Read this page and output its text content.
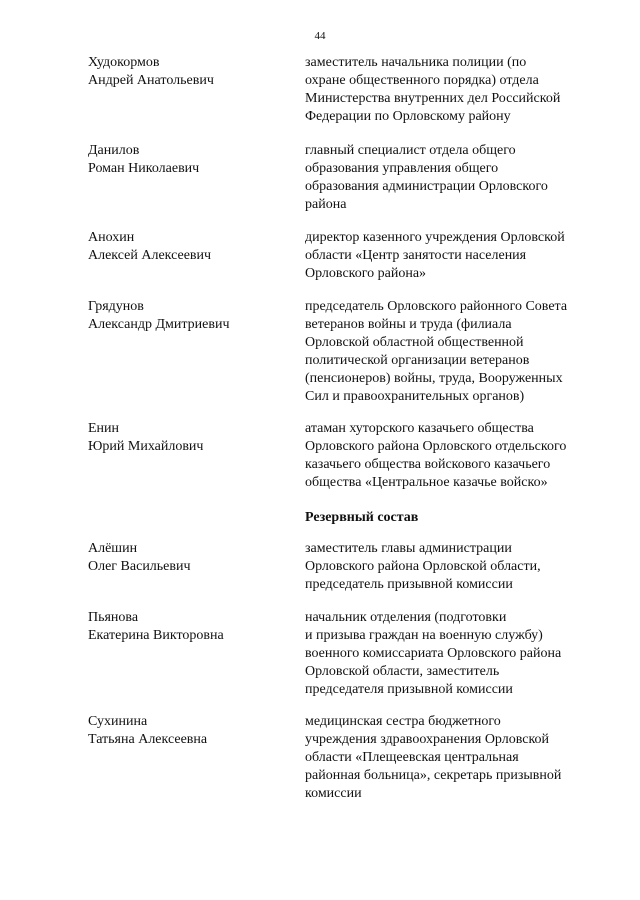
44
Худокормов
Андрей Анатольевич
заместитель начальника полиции (по
охране общественного порядка) отдела
Министерства внутренних дел Российской
Федерации по Орловскому району
Данилов
Роман Николаевич
главный специалист отдела общего
образования управления общего
образования администрации Орловского
района
Анохин
Алексей Алексеевич
директор казенного учреждения Орловской
области «Центр занятости населения
Орловского района»
Грядунов
Александр Дмитриевич
председатель Орловского районного Совета
ветеранов войны и труда (филиала
Орловской областной общественной
политической организации ветеранов
(пенсионеров) войны, труда, Вооруженных
Сил и правоохранительных органов)
Енин
Юрий Михайлович
атаман хуторского казачьего общества
Орловского района Орловского отдельского
казачьего общества войскового казачьего
общества «Центральное казачье войско»
Резервный состав
Алёшин
Олег Васильевич
заместитель главы администрации
Орловского района Орловской области,
председатель призывной комиссии
Пьянова
Екатерина Викторовна
начальник отделения (подготовки
и призыва граждан на военную службу)
военного комиссариата Орловского района
Орловской области, заместитель
председателя призывной комиссии
Сухинина
Татьяна Алексеевна
медицинская сестра бюджетного
учреждения здравоохранения Орловской
области «Плещеевская центральная
районная больница», секретарь призывной
комиссии
